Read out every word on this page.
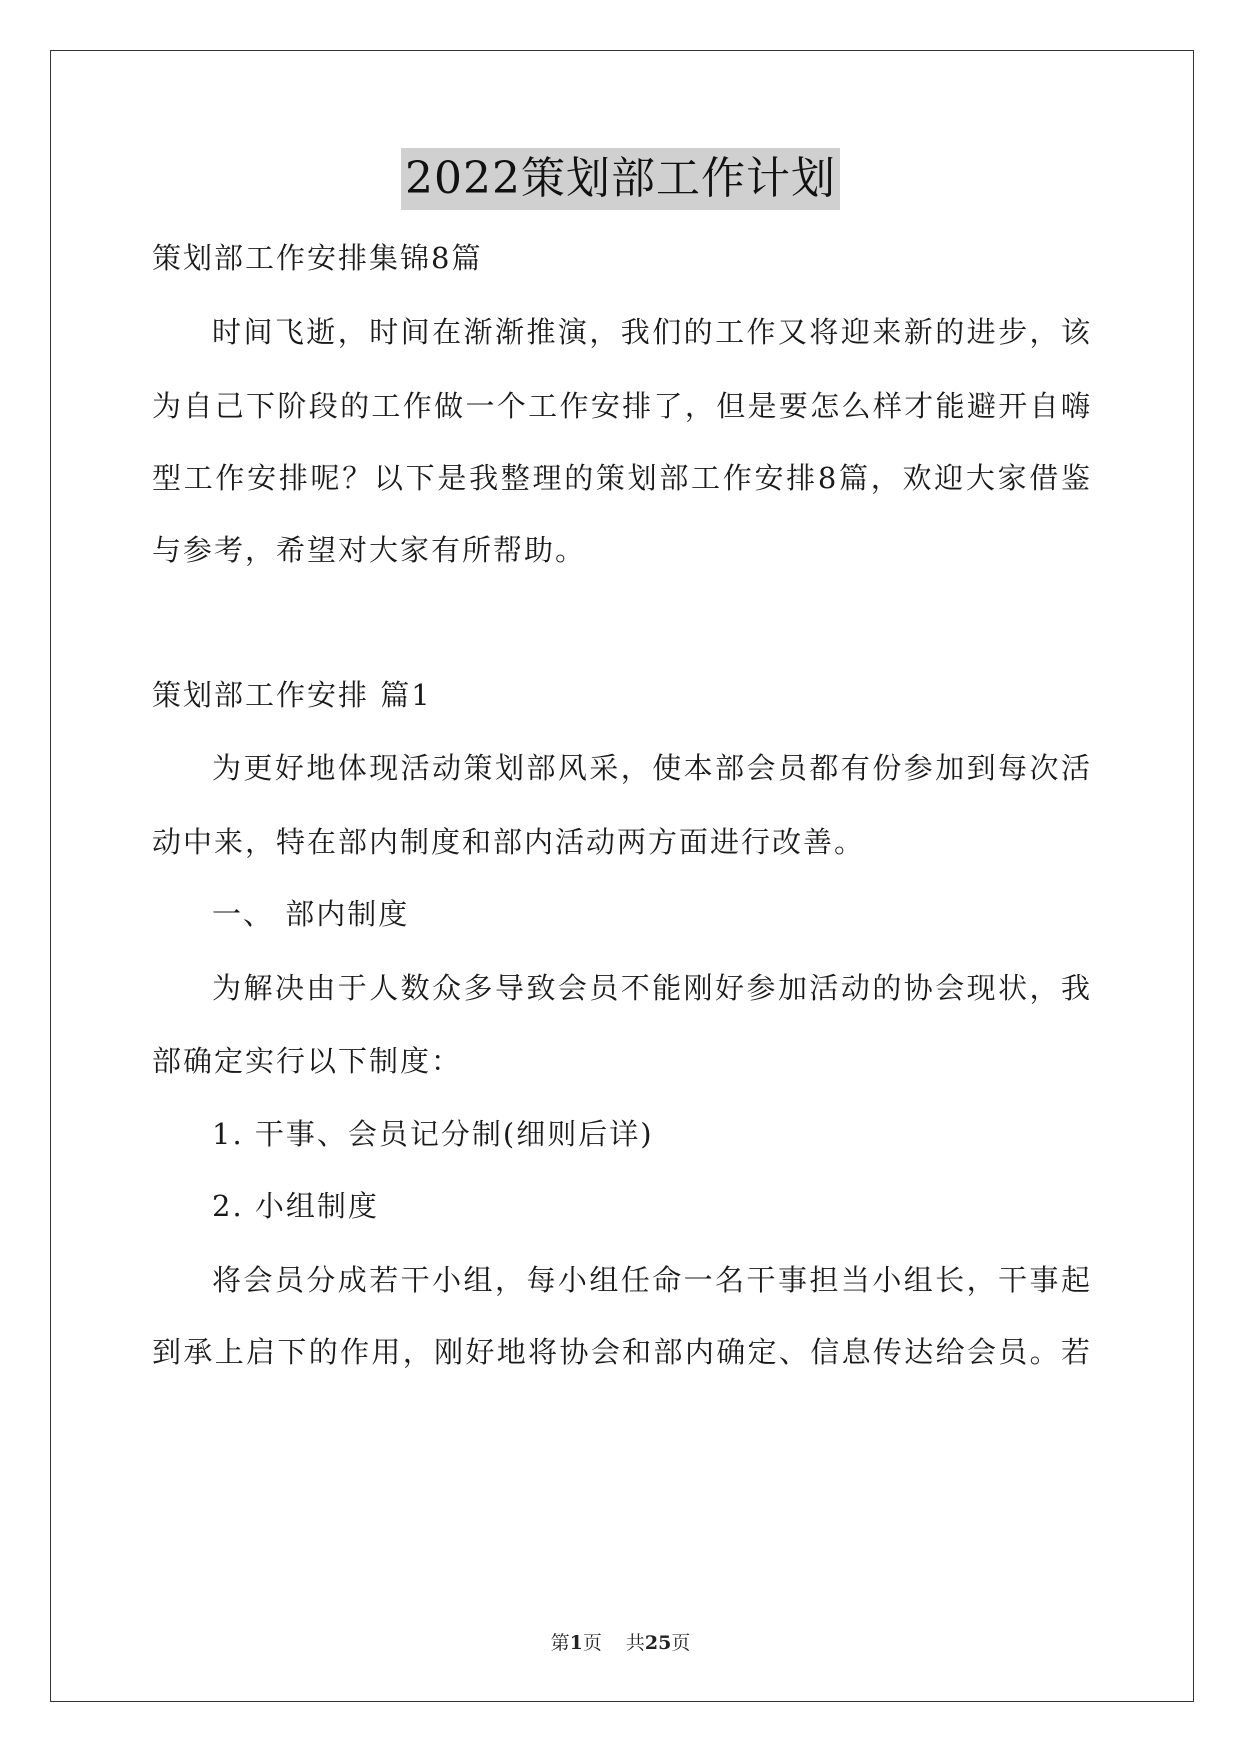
2022策划部工作计划
策划部工作安排集锦8篇
时间飞逝，时间在渐渐推演，我们的工作又将迎来新的进步，该
为自己下阶段的工作做一个工作安排了，但是要怎么样才能避开自嗨
型工作安排呢？以下是我整理的策划部工作安排8篇，欢迎大家借鉴
与参考，希望对大家有所帮助。
策划部工作安排 篇1
为更好地体现活动策划部风采，使本部会员都有份参加到每次活
动中来，特在部内制度和部内活动两方面进行改善。
一、 部内制度
为解决由于人数众多导致会员不能刚好参加活动的协会现状，我
部确定实行以下制度：
1. 干事、会员记分制(细则后详)
2. 小组制度
将会员分成若干小组，每小组任命一名干事担当小组长，干事起
到承上启下的作用，刚好地将协会和部内确定、信息传达给会员。若
第1页 共25页
